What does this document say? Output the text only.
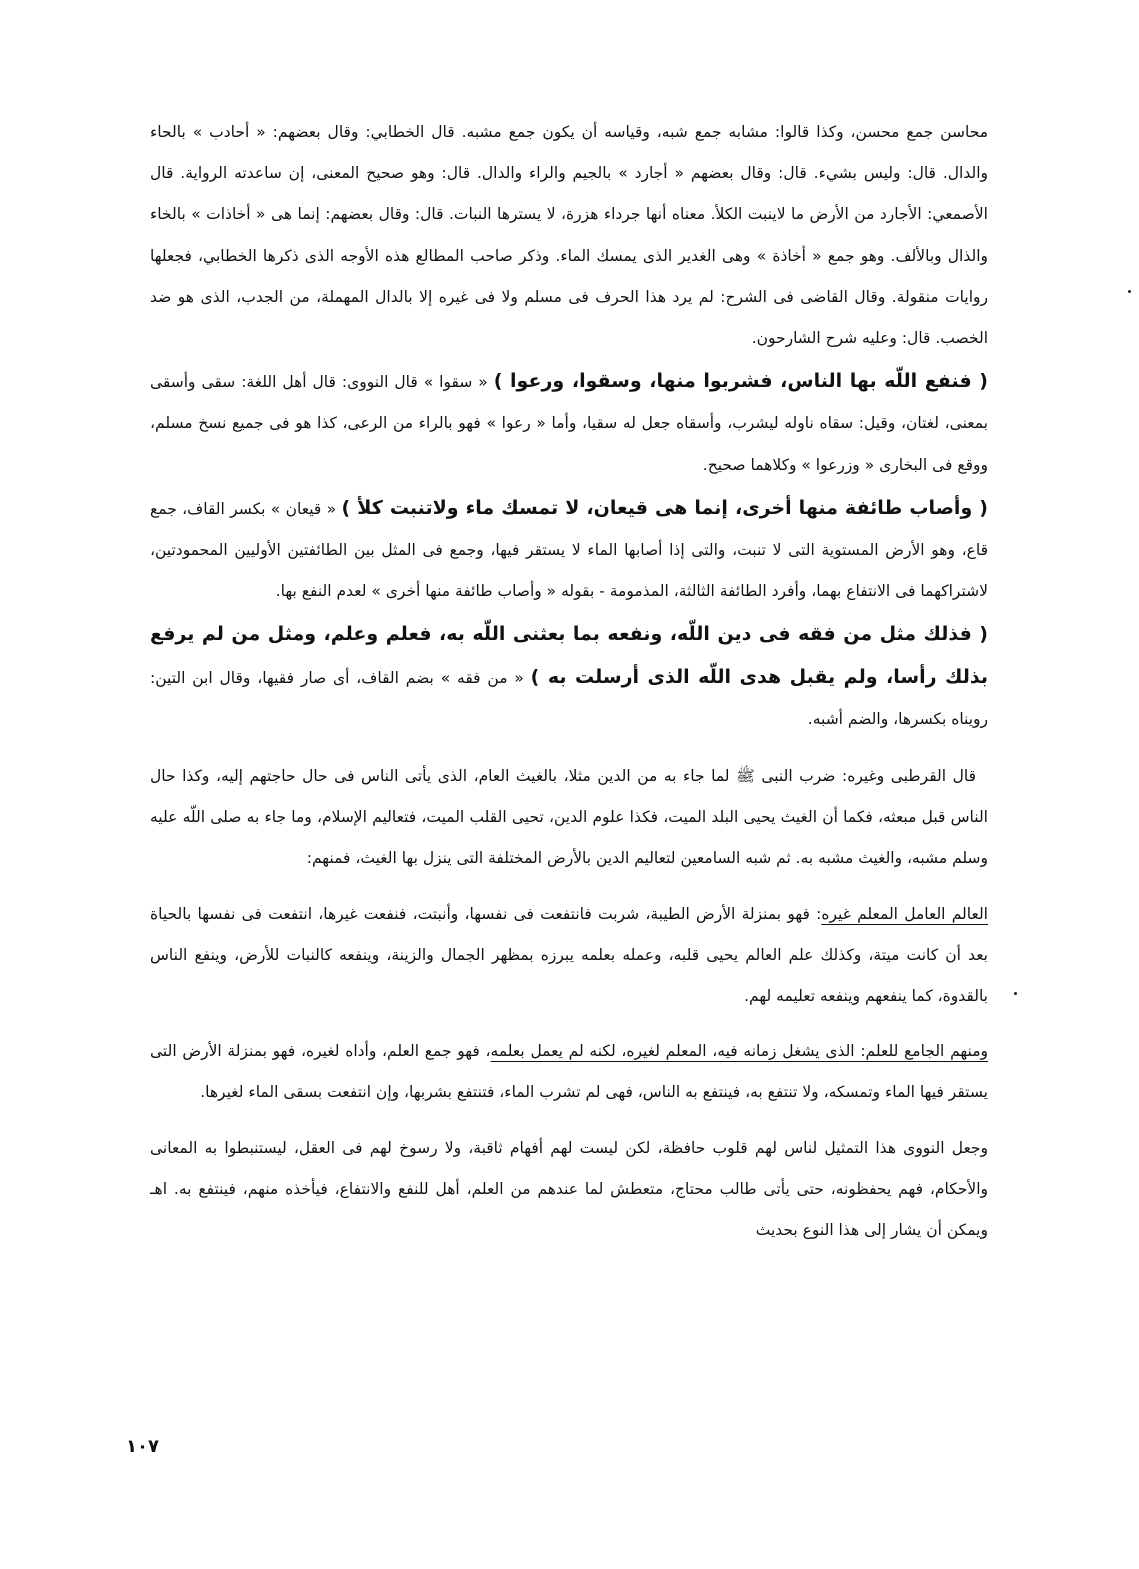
محاسن جمع محسن، وكذا قالوا: مشابه جمع شبه، وقياسه أن يكون جمع مشبه. قال الخطابي: وقال بعضهم: « أحادب » بالحاء والدال. قال: وليس بشيء. قال: وقال بعضهم « أجارد » بالجيم والراء والدال. قال: وهو صحيح المعنى، إن ساعدته الرواية. قال الأصمعي: الأجارد من الأرض ما لاينبت الكلأ. معناه أنها جرداء هزرة، لا يسترها النبات. قال: وقال بعضهم: إنما هى « أخاذات » بالخاء والذال وبالألف. وهو جمع « أخاذة » وهى الغدير الذى يمسك الماء. وذكر صاحب المطالع هذه الأوجه الذى ذكرها الخطابي، فجعلها روايات منقولة. وقال القاضى فى الشرح: لم يرد هذا الحرف فى مسلم ولا فى غيره إلا بالدال المهملة، من الجدب، الذى هو ضد الخصب. قال: وعليه شرح الشارحون.

( فنفع اللّه بها الناس، فشربوا منها، وسقوا، ورعوا ) « سقوا » قال النووى: قال أهل اللغة: سقى وأسقى بمعنى، لغتان، وقيل: سقاه ناوله ليشرب، وأسقاه جعل له سقيا، وأما « رعوا » فهو بالراء من الرعى، كذا هو فى جميع نسخ مسلم، ووقع فى البخارى « وزرعوا » وكلاهما صحيح.

( وأصاب طائفة منها أخرى، إنما هى قيعان، لا تمسك ماء ولاتنبت كلأ ) « قيعان » بكسر القاف، جمع قاع، وهو الأرض المستوية التى لا تنبت، والتى إذا أصابها الماء لا يستقر فيها، وجمع فى المثل بين الطائفتين الأوليين المحمودتين، لاشتراكهما فى الانتفاع بهما، وأفرد الطائفة الثالثة، المذمومة - بقوله « وأصاب طائفة منها أخرى » لعدم النفع بها.

( فذلك مثل من فقه فى دين اللّه، ونفعه بما بعثنى اللّه به، فعلم وعلم، ومثل من لم يرفع بذلك رأسا، ولم يقبل هدى اللّه الذى أرسلت به ) « من فقه » بضم القاف، أى صار فقيها، وقال ابن التين: رويناه بكسرها، والضم أشبه.

قال القرطبى وغيره: ضرب النبى ﷺ لما جاء به من الدين مثلا، بالغيث العام، الذى يأتى الناس فى حال حاجتهم إليه، وكذا حال الناس قبل مبعثه، فكما أن الغيث يحيى البلد الميت، فكذا علوم الدين، تحيى القلب الميت، فتعاليم الإسلام، وما جاء به صلى اللّه عليه وسلم مشبه، والغيث مشبه به. ثم شبه السامعين لتعاليم الدين بالأرض المختلفة التى ينزل بها الغيث، فمنهم:

العالم العامل المعلم غيره: فهو بمنزلة الأرض الطيبة، شربت فانتفعت فى نفسها، وأنبتت، فنفعت غيرها، انتفعت فى نفسها بالحياة بعد أن كانت ميتة، وكذلك علم العالم يحيى قلبه، وعمله بعلمه يبرزه بمظهر الجمال والزينة، وينفعه كالنبات للأرض، وينفع الناس بالقدوة، كما ينفعهم وينفعه تعليمه لهم.

ومنهم الجامع للعلم: الذى يشغل زمانه فيه، المعلم لغيره، لكنه لم يعمل بعلمه، فهو جمع العلم، وأداه لغيره، فهو بمنزلة الأرض التى يستقر فيها الماء وتمسكه، ولا تنتفع به، فينتفع به الناس، فهى لم تشرب الماء، فتنتفع بشربها، وإن انتفعت بسقى الماء لغيرها.

وجعل النووى هذا التمثيل لناس لهم قلوب حافظة، لكن ليست لهم أفهام ثاقبة، ولا رسوخ لهم فى العقل، ليستنبطوا به المعانى والأحكام، فهم يحفظونه، حتى يأتى طالب محتاج، متعطش لما عندهم من العلم، أهل للنفع والانتفاع، فيأخذه منهم، فينتفع به. اهـ ويمكن أن يشار إلى هذا النوع بحديث

١٠٧
